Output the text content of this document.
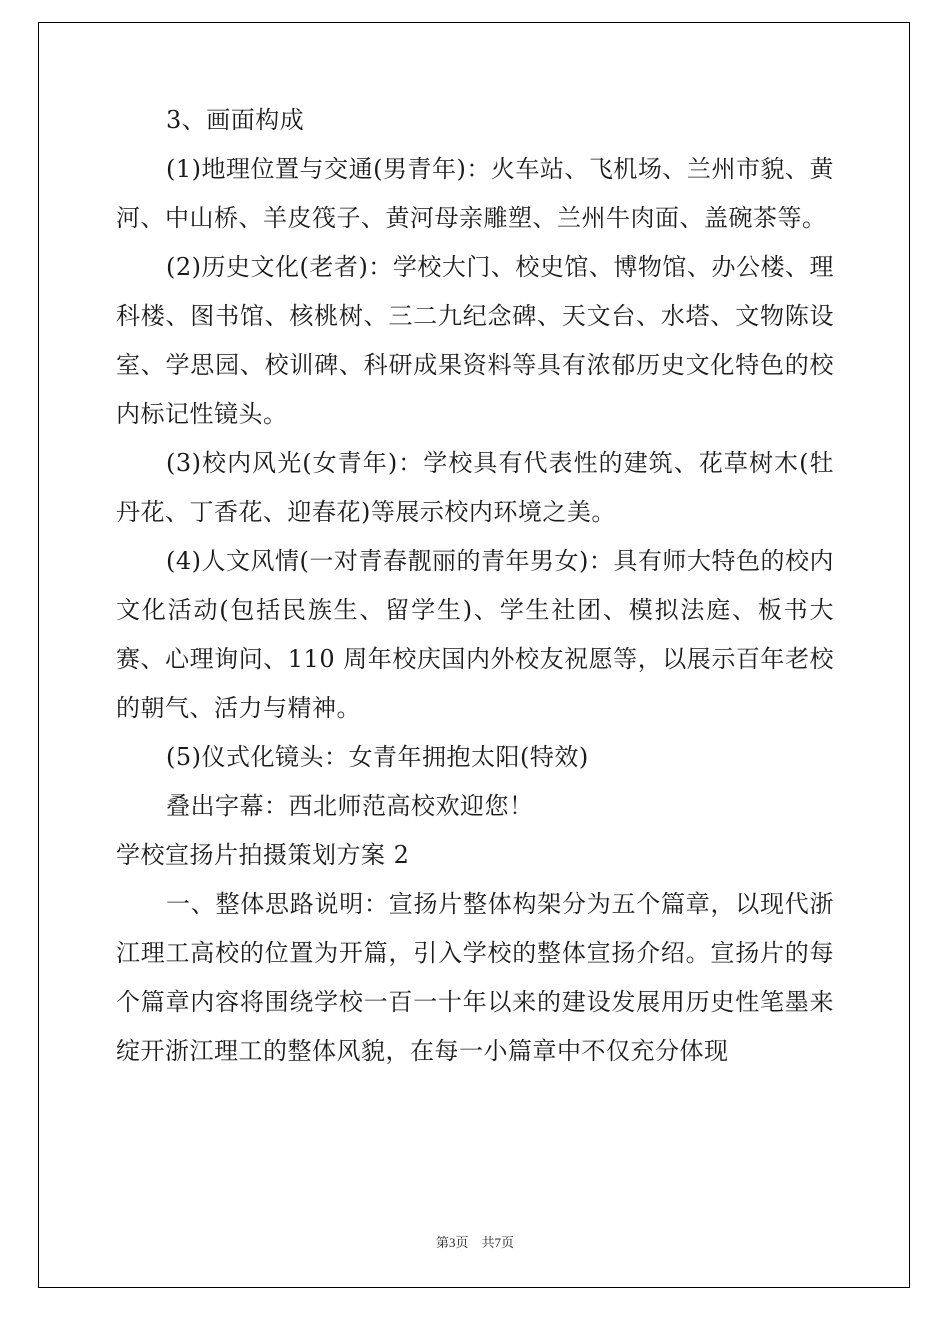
3、画面构成

(1)地理位置与交通(男青年)：火车站、飞机场、兰州市貌、黄河、中山桥、羊皮筏子、黄河母亲雕塑、兰州牛肉面、盖碗茶等。

(2)历史文化(老者)：学校大门、校史馆、博物馆、办公楼、理科楼、图书馆、核桃树、三二九纪念碑、天文台、水塔、文物陈设室、学思园、校训碑、科研成果资料等具有浓郁历史文化特色的校内标记性镜头。

(3)校内风光(女青年)：学校具有代表性的建筑、花草树木(牡丹花、丁香花、迎春花)等展示校内环境之美。

(4)人文风情(一对青春靓丽的青年男女)：具有师大特色的校内文化活动(包括民族生、留学生)、学生社团、模拟法庭、板书大赛、心理询问、110 周年校庆国内外校友祝愿等，以展示百年老校的朝气、活力与精神。

(5)仪式化镜头：女青年拥抱太阳(特效)

叠出字幕：西北师范高校欢迎您！

学校宣扬片拍摄策划方案 2

一、整体思路说明：宣扬片整体构架分为五个篇章，以现代浙江理工高校的位置为开篇，引入学校的整体宣扬介绍。宣扬片的每个篇章内容将围绕学校一百一十年以来的建设发展用历史性笔墨来绽开浙江理工的整体风貌，在每一小篇章中不仅充分体现

第3页　共7页
